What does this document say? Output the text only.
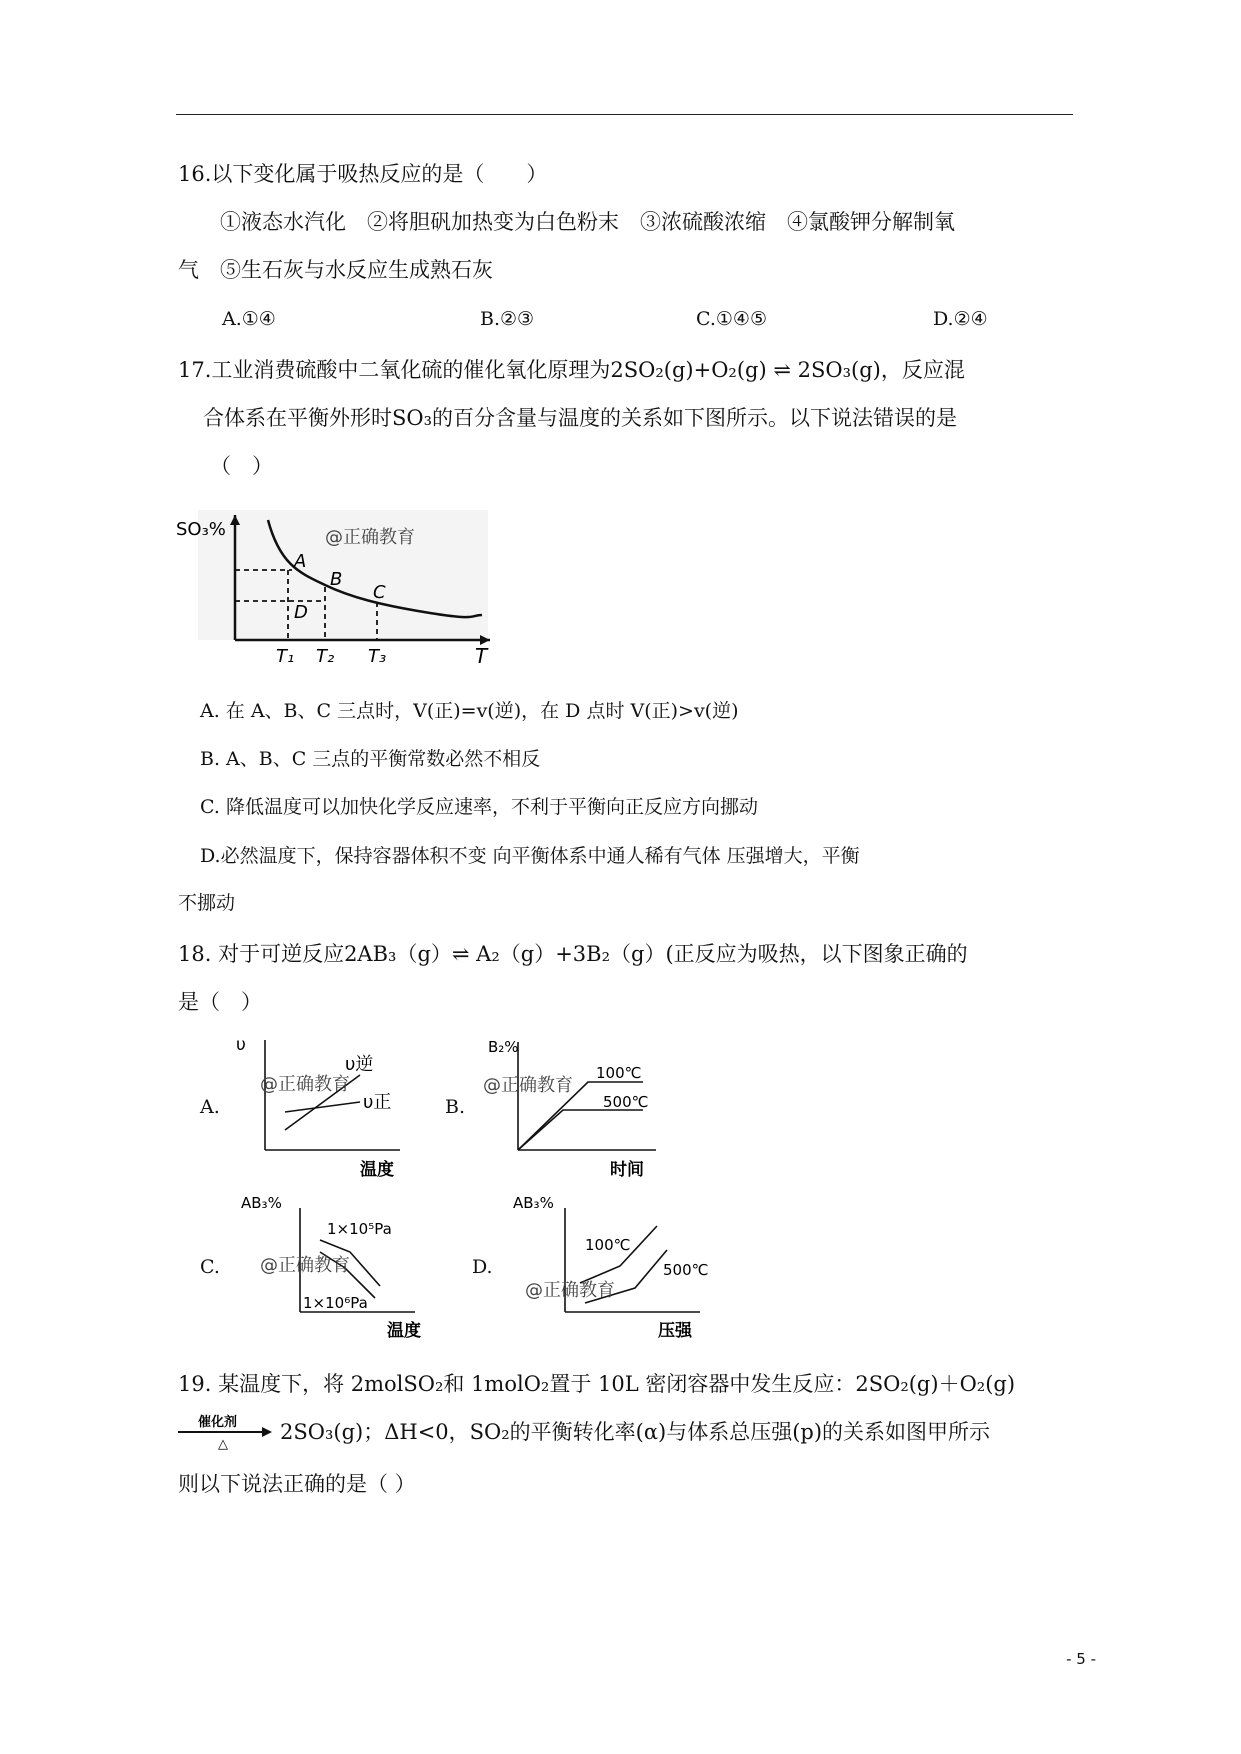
16.以下变化属于吸热反应的是（　　）
①液态水汽化　②将胆矾加热变为白色粉末　③浓硫酸浓缩　④氯酸钾分解制氧
气　⑤生石灰与水反应生成熟石灰
A.①④	B.②③	C.①④⑤	D.②④
17.工业消费硫酸中二氧化硫的催化氧化原理为2SO₂(g)+O₂(g) ⇌ 2SO₃(g)，反应混
合体系在平衡外形时SO₃的百分含量与温度的关系如下图所示。以下说法错误的是
（　）
SO₃%
T
@正确教育
A
B
C
D
T₁ T₂ T₃
A. 在 A、B、C 三点时，V(正)=v(逆)，在 D 点时 V(正)>v(逆)
B. A、B、C 三点的平衡常数必然不相反
C. 降低温度可以加快化学反应速率，不利于平衡向正反应方向挪动
D.必然温度下，保持容器体积不变 向平衡体系中通人稀有气体 压强增大，平衡
不挪动
18. 对于可逆反应2AB₃（g）⇌ A₂（g）+3B₂（g）(正反应为吸热，以下图象正确的
是（　）
A.	B.
C.	D.
υ
温度
@正确教育
υ逆
υ正
B₂%
时间
@正确教育
100℃
500℃
AB₃%
温度
@正确教育
1×10⁵Pa
1×10⁶Pa
AB₃%
压强
@正确教育
100℃
500℃
19. 某温度下，将 2molSO₂和 1molO₂置于 10L 密闭容器中发生反应：2SO₂(g)＋O₂(g)
催化剂
△
2SO₃(g)；ΔH<0，SO₂的平衡转化率(α)与体系总压强(p)的关系如图甲所示
则以下说法正确的是（ ）
- 5 -
